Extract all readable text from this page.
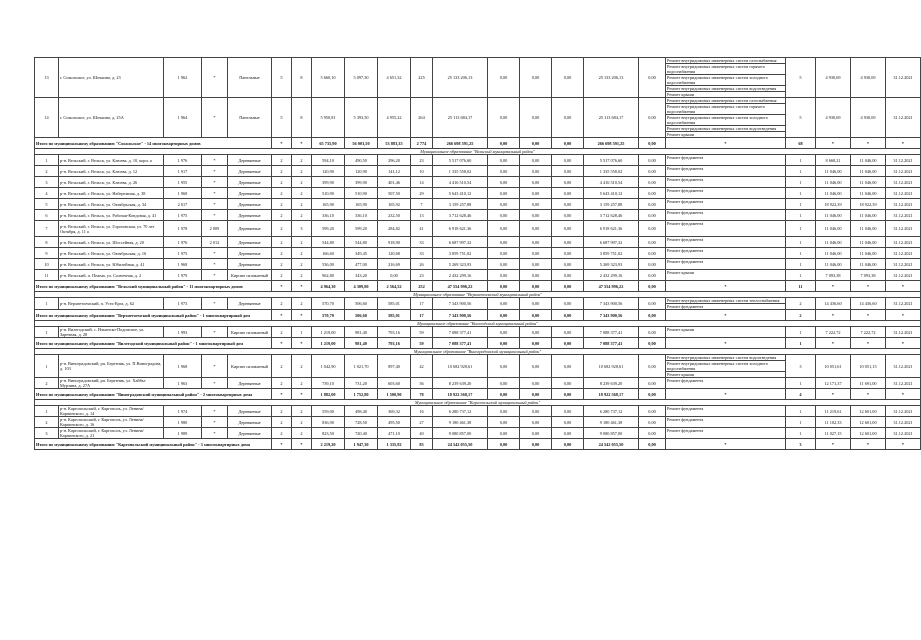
13	г. Сокольское, ул. Шочкина, д. 23	1 962	*	Панельные	5	8	5 660,10	5 097,30	4 651,32	225	25 133 206,13	0,00	0,00	0,00	25 133 206,13	0,00	Ремонт внутридомовых инженерных систем газоснабжения
Ремонт внутридомовых инженерных систем горячего водоснабжения
Ремонт внутридомовых инженерных систем холодного водоснабжения
Ремонт внутридомовых инженерных систем водоотведения
Ремонт крыши	5	4 930,69	4 930,69	31.12.2021
14	г. Сокольское, ул. Шочкина, д. 25А	1 964	*	Панельные	5	8	5 950,81	5 393,50	4 955,22	264	25 113 684,17	0,00	0,00	0,00	25 113 684,17	0,00	Ремонт внутридомовых инженерных систем газоснабжения
Ремонт внутридомовых инженерных систем горячего водоснабжения
Ремонт внутридомовых инженерных систем холодного водоснабжения
Ремонт внутридомовых инженерных систем водоотведения
Ремонт крыши	5	4 930,69	4 930,69	31.12.2021
Итого по муниципальному образованию "Сокольское" - 14 многоквартирных домов					*	*	65 735,90	56 003,50	53 883,35	2 774	266 698 591,25	0,00	0,00	0,00	266 698 591,25	0,00	*	68	*	*	*
Муниципальное образование "Вельский муниципальный район"																					
1	р-н. Вельский, г. Вельск, ул. Клюева, д. 10, корп. а	1 976	*	Деревянные	2	2	594,10	490,50	296,20	23	5 517 076,60	0,00	0,00	0,00	5 517 076,60	0,00	Ремонт фундамента	1	8 668,21	11 046,00	31.12.2021
2	р-н. Вельский, г. Вельск, ул. Клюева, д. 12	1 917	*	Деревянные	2	2	120,90	120,90	141,12	10	1 335 558,02	0,00	0,00	0,00	1 335 558,02	0,00	Ремонт фундамента	1	11 046,00	11 046,00	31.12.2021
3	р-н. Вельский, г. Вельск, ул. Клюева, д. 26	1 955	*	Деревянные	2	2	399,90	399,90	401,46	14	4 416 510,54	0,00	0,00	0,00	4 416 510,54	0,00	Ремонт фундамента	1	11 046,00	11 046,00	31.12.2021
4	р-н. Вельский, г. Вельск, ул. Набережная, д. 38	1 968	*	Деревянные	2	2	510,90	510,90	507,50	29	5 643 410,12	0,00	0,00	0,00	5 643 410,12	0,00	Ремонт фундамента	1	11 046,00	11 046,00	31.12.2021
5	р-н. Вельский, г. Вельск, ул. Октябрьская, д. 34	2 017	*	Деревянные	2	2	165,90	165,90	165,92	7	3 159 257,88	0,00	0,00	0,00	3 159 257,88	0,00	Ремонт фундамента	1	18 922,39	18 922,39	31.12.2021
6	р-н. Вельский, г. Вельск, ул. Рабочая-Кондовая, д. 41	1 975	*	Деревянные	2	2	336,10	336,10	232,50	13	3 712 628,46	0,00	0,00	0,00	3 712 628,46	0,00	Ремонт фундамента	1	11 046,00	11 046,00	31.12.2021
7	р-н. Вельский, г. Вельск, ул. Гороховская, ул. 70 лет Октября, д. 11 а	1 978	2 009	Деревянные	2	3	599,20	599,20	284,82	41	6 918 621,36	0,00	0,00	0,00	6 918 621,36	0,00	Ремонт фундамента	1	11 046,00	11 046,00	31.12.2021
8	р-н. Вельский, г. Вельск, ул. Шоссейная, д. 20	1 976	2 012	Деревянные	2	2	544,80	544,80	918,90	33	6 687 997,32	0,00	0,00	0,00	6 687 997,32	0,00	Ремонт фундамента	1	11 046,00	11 046,00	31.12.2021
9	р-н. Вельский, г. Вельск, ул. Октябрьская, д. 16	1 975	*	Деревянные	2	2	166,60	349,45	120,68	33	3 859 751,02	0,00	0,00	0,00	3 859 751,02	0,00	Ремонт фундамента	1	11 046,00	11 046,00	31.12.2021
10	р-н. Вельский, г. Вельск, ул. Юбилейная, д. 41	1 968	*	Деревянные	2	2	536,00	477,00	216,69	26	5 269 323,93	0,00	0,00	0,00	5 269 323,93	0,00	Ремонт фундамента	1	11 046,00	11 046,00	31.12.2021
11	р-н. Вельский, п. Пежма, ул. Солнечная, д. 2	1 979	*	Кирпич силикатный	2	2	962,80	343,20	0,00	23	2 432 299,16	0,00	0,00	0,00	2 432 299,16	0,00	Ремонт крыши	1	7 093,38	7 093,38	31.12.2021
Итого по муниципальному образованию "Вельский муниципальный район" - 11 многоквартирных домов					*	*	4 964,30	4 309,80	2 564,52	252	47 554 996,22	0,00	0,00	0,00	47 554 996,22	0,00	*	11	*	*	*
Муниципальное образование "Верхнетоемский муниципальный район"																					
1	р-н. Верхнетоемский, п. Усть-Ерга, д. 62	1 973	*	Деревянные	2	2	570,70	506,60	585,01	17	7 343 900,56	0,00	0,00	0,00	7 343 900,56	0,00	Ремонт внутридомовых инженерных систем теплоснабжения
Ремонт фундамента	2	14 436,60	14 436,60	31.12.2021
Итого по муниципальному образованию "Верхнетоемский муниципальный район" - 1 многоквартирный дом					*	*	570,70	506,60	585,01	17	7 343 900,56	0,00	0,00	0,00	7 343 900,56	0,00	*	2	*	*	*
Муниципальное образование "Вилегодский муниципальный район"																					
1	р-н. Вилегодский, с. Ильинско-Подомское, ул. Заречная, д. 28	1 993	*	Кирпич силикатный	2	1	1 219,00	981,40	793,16	59	7 088 377,41	0,00	0,00	0,00	7 088 377,41	0,00	Ремонт крыши	1	7 222,72	7 222,72	31.12.2021
Итого по муниципальному образованию "Вилегодский муниципальный район" - 1 многоквартирный дом					*	*	1 219,00	981,40	793,16	59	7 088 377,41	0,00	0,00	0,00	7 088 377,41	0,00	*	1	*	*	*
Муниципальное образование "Виноградовский муниципальный район"																					
1	р-н. Виноградовский, рп. Березник, ул. П.Виноградова, д. 103	1 968	*	Кирпич силикатный	2	2	1 042,90	1 021,70	897,40	42	10 682 928,61	0,00	0,00	0,00	10 682 928,61	0,00	Ремонт внутридомовых инженерных систем водоотведения
Ремонт внутридомовых инженерных систем холодного водоснабжения
Ремонт крыши	3	10 051,61	10 051,15	31.12.2021
2	р-н. Виноградовский, рп. Березник, ул. Хайбы-Мурзина, д. 27А	1 963	*	Деревянные	2	2	739,10	731,20	603,60	36	8 239 639,20	0,00	0,00	0,00	8 239 639,20	0,00	Ремонт фундамента	1	12 171,37	11 691,00	31.12.2021
Итого по муниципальному образованию "Виноградовский муниципальный район" - 2 многоквартирных дома					*	*	1 882,00	1 752,80	1 500,90	78	18 922 568,17	0,00	0,00	0,00	18 922 568,17	0,00	*	4	*	*	*
Муниципальное образование "Каргопольский муниципальный район"																					
1	р-н. Каргопольский, г. Каргополь, ул. Ленина/Карпинского, д. 14	1 974	*	Деревянные	2	2	559,00	498,40	369,32	16	6 280 737,12	0,00	0,00	0,00	6 280 737,12	0,00	Ремонт фундамента	1	11 219,61	12 601,00	31.12.2021
2	р-н. Каргопольский, г. Каргополь, ул. Ленина/Карпинского, д. 16	1 980	*	Деревянные	2	2	836,90	728,50	495,50	27	9 180 461,38	0,00	0,00	0,00	9 180 461,38	0,00	Ремонт фундамента	1	11 102,33	12 601,00	31.12.2021
3	р-н. Каргопольский, г. Каргополь, ул. Ленина/Карпинского, д. 21	1 989	*	Деревянные	2	2	823,50	720,40	471,10	40	9 080 857,00	0,00	0,00	0,00	9 080 857,00	0,00	Ремонт фундамента	1	11 027,15	12 601,00	31.12.2021
Итого по муниципальному образованию "Каргопольский муниципальный район" - 3 многоквартирных дома					*	*	2 219,20	1 947,30	1 335,92	83	24 542 055,50	0,00	0,00	0,00	24 542 055,50	0,00	*	3	*	*	*
